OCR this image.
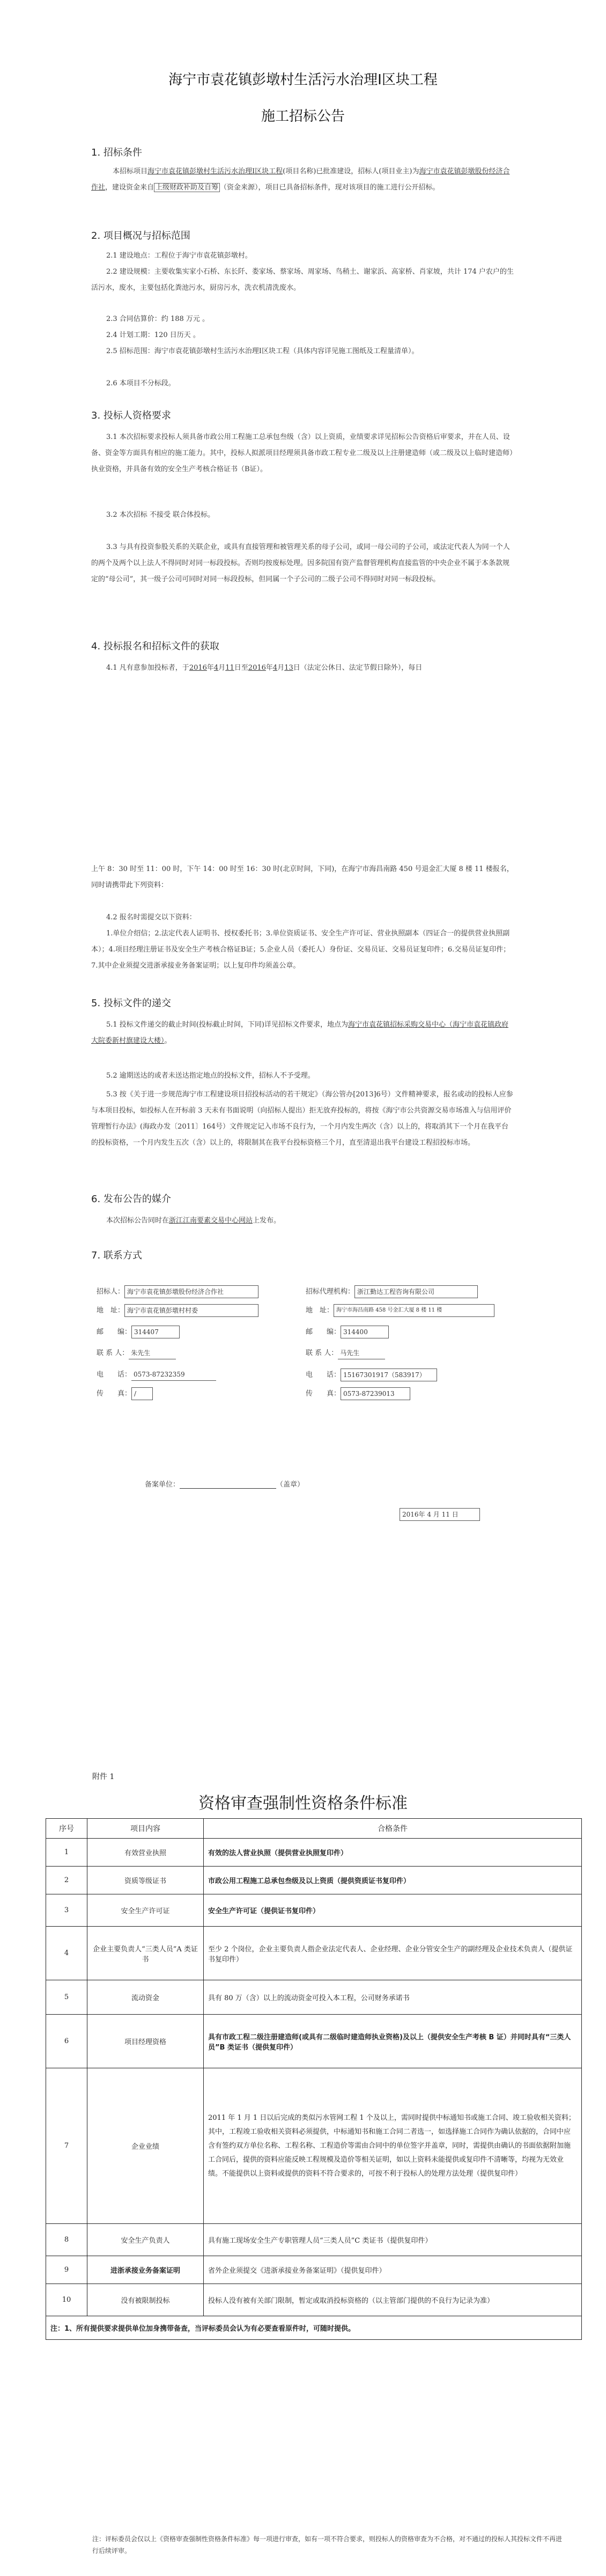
海宁市袁花镇彭墩村生活污水治理Ⅰ区块工程
施工招标公告
1. 招标条件

本招标项目海宁市袁花镇彭墩村生活污水治理Ⅰ区块工程(项目名称)已批准建设，招标人(项目业主)为海宁市袁花镇彭墩股份经济合作社，建设资金来自 上级财政补助及自筹 （资金来源），项目已具备招标条件，现对该项目的施工进行公开招标。

2. 项目概况与招标范围

2.1 建设地点：工程位于海宁市袁花镇彭墩村。

2.2 建设规模：主要收集实家小石桥、东长阡、娄家场、蔡家场、周家场、鸟稍土、谢家浜、高家桥、肖家坡，共计 174 户农户的生活污水，废水，主要包括化粪池污水，厨房污水，洗衣机清洗废水。

2.3 合同估算价：约 188 万元 。

2.4 计划工期：120 日历天 。

2.5 招标范围：海宁市袁花镇彭墩村生活污水治理Ⅰ区块工程（具体内容详见施工图纸及工程量清单）。

2.6 本项目不分标段。

3. 投标人资格要求

3.1 本次招标要求投标人须具备市政公用工程施工总承包叁级（含）以上资质，业绩要求详见招标公告资格后审要求，并在人员、设备、资金等方面具有相应的施工能力。其中，投标人拟派项目经理须具备市政工程专业二级及以上注册建造师（或二级及以上临时建造师）执业资格，并具备有效的安全生产考核合格证书（B证）。

3.2 本次招标 不接受 联合体投标。

3.3 与具有投资参股关系的关联企业，或具有直接管理和被管理关系的母子公司，或同一母公司的子公司，或法定代表人为同一个人的两个及两个以上法人不得同时对同一标段投标。否则均按废标处理。因多院国有资产监督管理机构直接监管的中央企业不属于本条款规定的“母公司”，其一级子公司可同时对同一标段投标，但同属一个子公司的二级子公司不得同时对同一标段投标。

4. 投标报名和招标文件的获取

4.1 凡有意参加投标者，于2016年4月11日至2016年4月13日（法定公休日、法定节假日除外），每日

上午 8：30 时至 11：00 时，下午 14：00 时至 16：30 时(北京时间，下同)，在海宁市海昌南路 450 号退金汇大厦 8 楼 11 楼报名，同时请携带此下列资料：

4.2 报名时需提交以下资料：

1.单位介绍信；2.法定代表人证明书、授权委托书；3.单位资质证书、安全生产许可证、营业执照副本（四证合一的提供营业执照副本）；4.项目经理注册证书及安全生产考核合格证B证；5.企业人员（委托人）身份证、交易员证、交易员证复印件；6.交易员证复印件；7.其中企业须提交进浙承接业务备案证明；以上复印件均须盖公章。

5. 投标文件的递交

5.1 投标文件递交的截止时间(投标截止时间，下同)详见招标文件要求，地点为海宁市袁花镇招标采购交易中心（海宁市袁花镇政府大院委新村旗建设大楼）。

5.2 逾期送达的或者未送达指定地点的投标文件，招标人不予受理。

5.3 按《关于进一步规范海宁市工程建设项目招投标活动的若干规定》（海公管办[2013]6号）文件精神要求，报名或动的投标人应参与本项目投标，如投标人在开标前 3 天未有书面说明（向招标人提出）拒无放弃投标的，将按《海宁市公共资源交易市场准入与信用评价管理暂行办法》(海政办发〔2011〕164号）文件规定记入市场不良行为，一个月内发生两次（含）以上的，将取消其下一个月在我平台的投标资格，一个月内发生五次（含）以上的，将限制其在我平台投标资格三个月，直至清退出我平台建设工程招投标市场。

6. 发布公告的媒介

本次招标公告同时在浙江江南要素交易中心网站上发布。

7. 联系方式
招标人： 海宁市袁花镇彭墩股份经济合作社
地　址： 海宁市袁花镇彭墩村村委
邮　　编： 314407
联 系 人： 朱先生
电　　话： 0573-87232359
传　　真： /
招标代理机构： 浙江勤达工程咨询有限公司
地　址： 海宁市海昌南路 458 号金汇大厦 8 楼 11 楼
邮　　编： 314400
联 系 人： 马先生
电　　话： 15167301917（583917）
传　　真： 0573-87239013
备案单位：	（盖章）
2016年 4 月 11 日
附件 1
资格审查强制性资格条件标准
序号	项目内容	合格条件
1	有效营业执照	有效的法人营业执照（提供营业执照复印件）
2	资质等级证书	市政公用工程施工总承包叁级及以上资质（提供资质证书复印件）
3	安全生产许可证	安全生产许可证（提供证书复印件）
4	企业主要负责人“三类人员”A 类证书	至少 2 个岗位，企业主要负责人指企业法定代表人、企业经理、企业分管安全生产的副经理及企业技术负责人（提供证书复印件）
5	流动资金	具有 80 万（含）以上的流动资金可投入本工程，公司财务承诺书
6	项目经理资格	具有市政工程二级注册建造师(或具有二级临时建造师执业资格)及以上（提供安全生产考核 B 证）并同时具有“三类人员”B 类证书（提供复印件）
7	企业业绩	2011 年 1 月 1 日以后完成的类似污水管网工程 1 个及以上，需同时提供中标通知书或施工合同、竣工验收相关资料；其中，工程竣工验收相关资料必须提供，中标通知书和施工合同二者选一，如选择施工合同作为确认依据的，合同中应含有签约双方单位名称、工程名称、工程造价等需由合同中的单位签字并盖章，同时，需提供由确认的书面依据附加施工合同后，提供的资料应能反映工程规模及造价等相关证明，如以上资料未能提供或复印件不清晰等，均视为无效业绩。不能提供以上资料或提供的资料不符合要求的，可按不利于投标人的处理方法处理（提供复印件）
8	安全生产负责人	具有施工现场安全生产专职管理人员“三类人员”C 类证书（提供复印件）
9	进浙承接业务备案证明	省外企业须提交《进浙承接业务备案证明》（提供复印件）
10	没有被限制投标	投标人没有被有关部门限制，暂定或取消投标资格的（以主管部门提供的不良行为记录为准）
注：1、所有提供要求提供单位加身携带备查，当评标委员会认为有必要查看原件时，可随时提供。		
注：评标委员会仅以上《资格审查强制性资格条件标准》每一项进行审查，如有一项不符合要求，则投标人的资格审查为不合格，对不通过的投标人其投标文件不再进行后续评审。
